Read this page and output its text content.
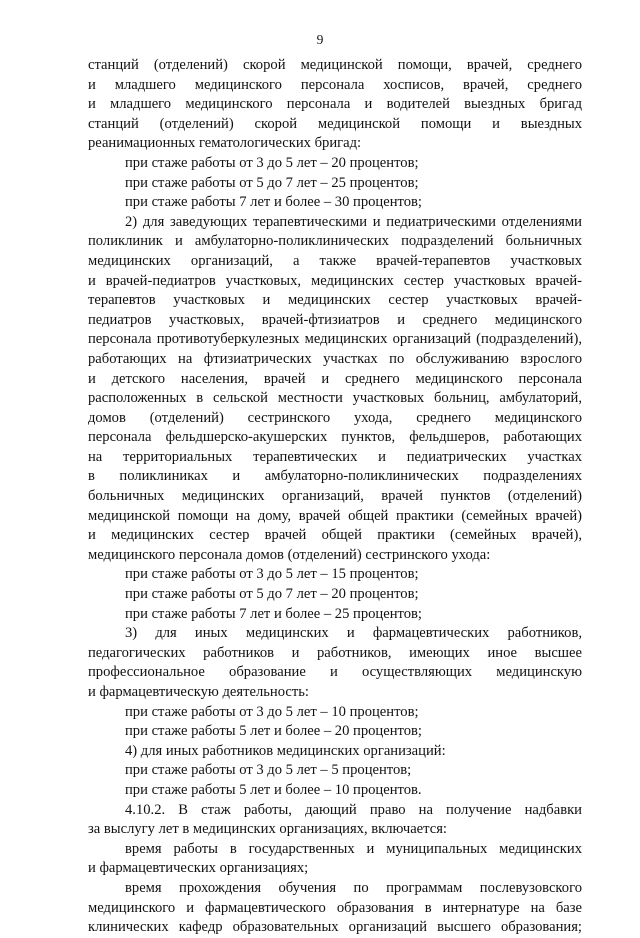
9
станций (отделений) скорой медицинской помощи, врачей, среднего
и младшего медицинского персонала хосписов, врачей, среднего
и младшего медицинского персонала и водителей выездных бригад
станций (отделений) скорой медицинской помощи и выездных
реанимационных гематологических бригад:
при стаже работы от 3 до 5 лет – 20 процентов;
при стаже работы от 5 до 7 лет – 25 процентов;
при стаже работы 7 лет и более – 30 процентов;
2) для заведующих терапевтическими и педиатрическими отделениями
поликлиник и амбулаторно-поликлинических подразделений больничных
медицинских организаций, а также врачей-терапевтов участковых
и врачей-педиатров участковых, медицинских сестер участковых врачей-
терапевтов участковых и медицинских сестер участковых врачей-
педиатров участковых, врачей-фтизиатров и среднего медицинского
персонала противотуберкулезных медицинских организаций (подразделений),
работающих на фтизиатрических участках по обслуживанию взрослого
и детского населения, врачей и среднего медицинского персонала
расположенных в сельской местности участковых больниц, амбулаторий,
домов (отделений) сестринского ухода, среднего медицинского
персонала фельдшерско-акушерских пунктов, фельдшеров, работающих
на территориальных терапевтических и педиатрических участках
в поликлиниках и амбулаторно-поликлинических подразделениях
больничных медицинских организаций, врачей пунктов (отделений)
медицинской помощи на дому, врачей общей практики (семейных врачей)
и медицинских сестер врачей общей практики (семейных врачей),
медицинского персонала домов (отделений) сестринского ухода:
при стаже работы от 3 до 5 лет – 15 процентов;
при стаже работы от 5 до 7 лет – 20 процентов;
при стаже работы 7 лет и более – 25 процентов;
3) для иных медицинских и фармацевтических работников,
педагогических работников и работников, имеющих иное высшее
профессиональное образование и осуществляющих медицинскую
и фармацевтическую деятельность:
при стаже работы от 3 до 5 лет – 10 процентов;
при стаже работы 5 лет и более – 20 процентов;
4) для иных работников медицинских организаций:
при стаже работы от 3 до 5 лет – 5 процентов;
при стаже работы 5 лет и более – 10 процентов.
4.10.2. В стаж работы, дающий право на получение надбавки
за выслугу лет в медицинских организациях, включается:
время работы в государственных и муниципальных медицинских
и фармацевтических организациях;
время прохождения обучения по программам послевузовского
медицинского и фармацевтического образования в интернатуре на базе
клинических кафедр образовательных организаций высшего образования;
